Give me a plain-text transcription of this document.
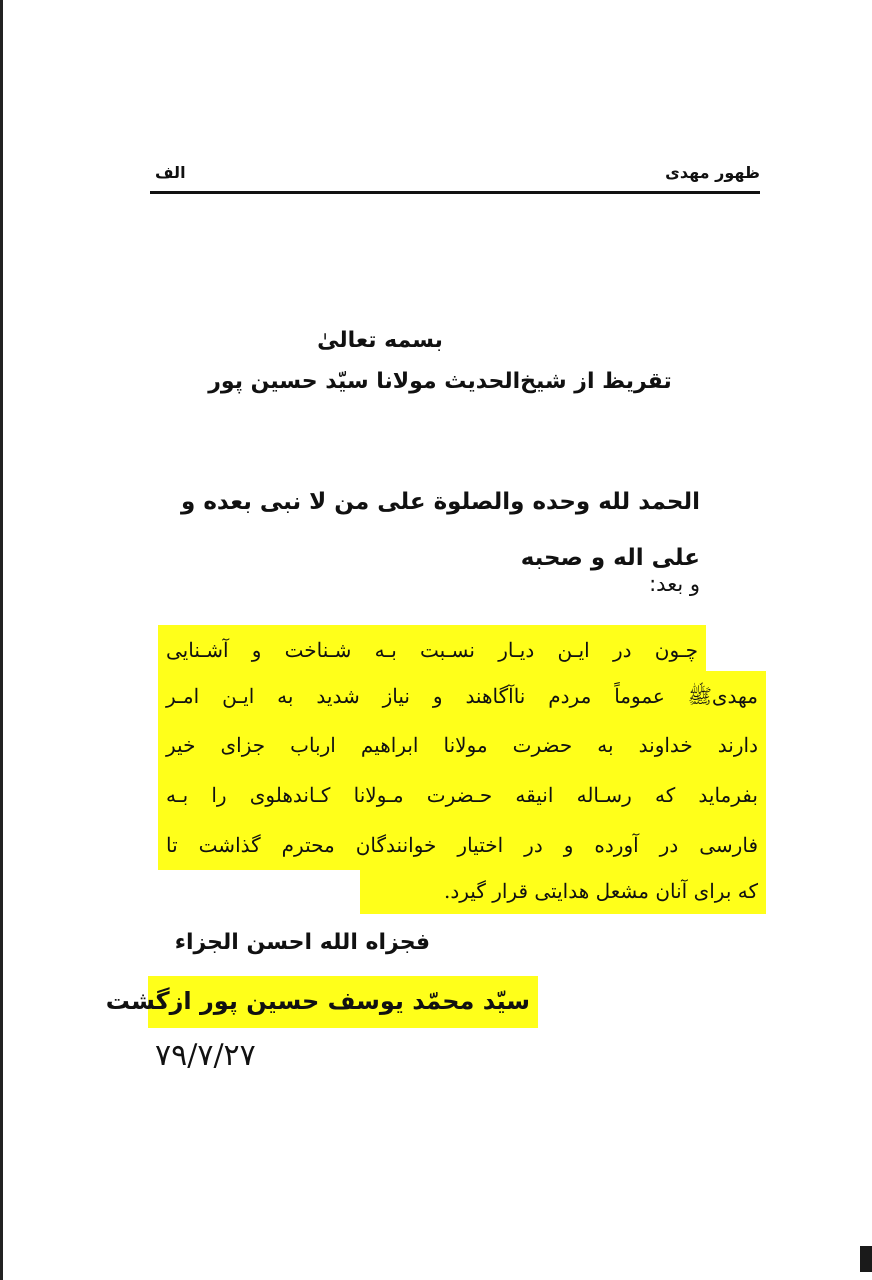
ظهور مهدی
الف
بسمه تعالیٰ
تقریظ از شیخ‌الحدیث مولانا سیّد حسین پور
الحمد لله وحده والصلوة علی من لا نبی بعده و علی اله و صحبه
و بعد:
چـون در ایـن دیـار نسـبت بـه شـناخت و آشـنایی
مهدیﷺ عموماً مردم ناآگاهند و نیاز شدید به ایـن امـر
دارند خداوند به حضرت مولانا ابراهیم ارباب جزای خیر
بفرماید که رسـاله انیقه حـضرت مـولانا کـاندهلوی را بـه
فارسی در آورده و در اختیار خوانندگان محترم گذاشت تا
که برای آنان مشعل هدایتی قرار گیرد.
فجزاه الله احسن الجزاء
سیّد محمّد یوسف حسین پور ازگشت
۷۹/۷/۲۷
